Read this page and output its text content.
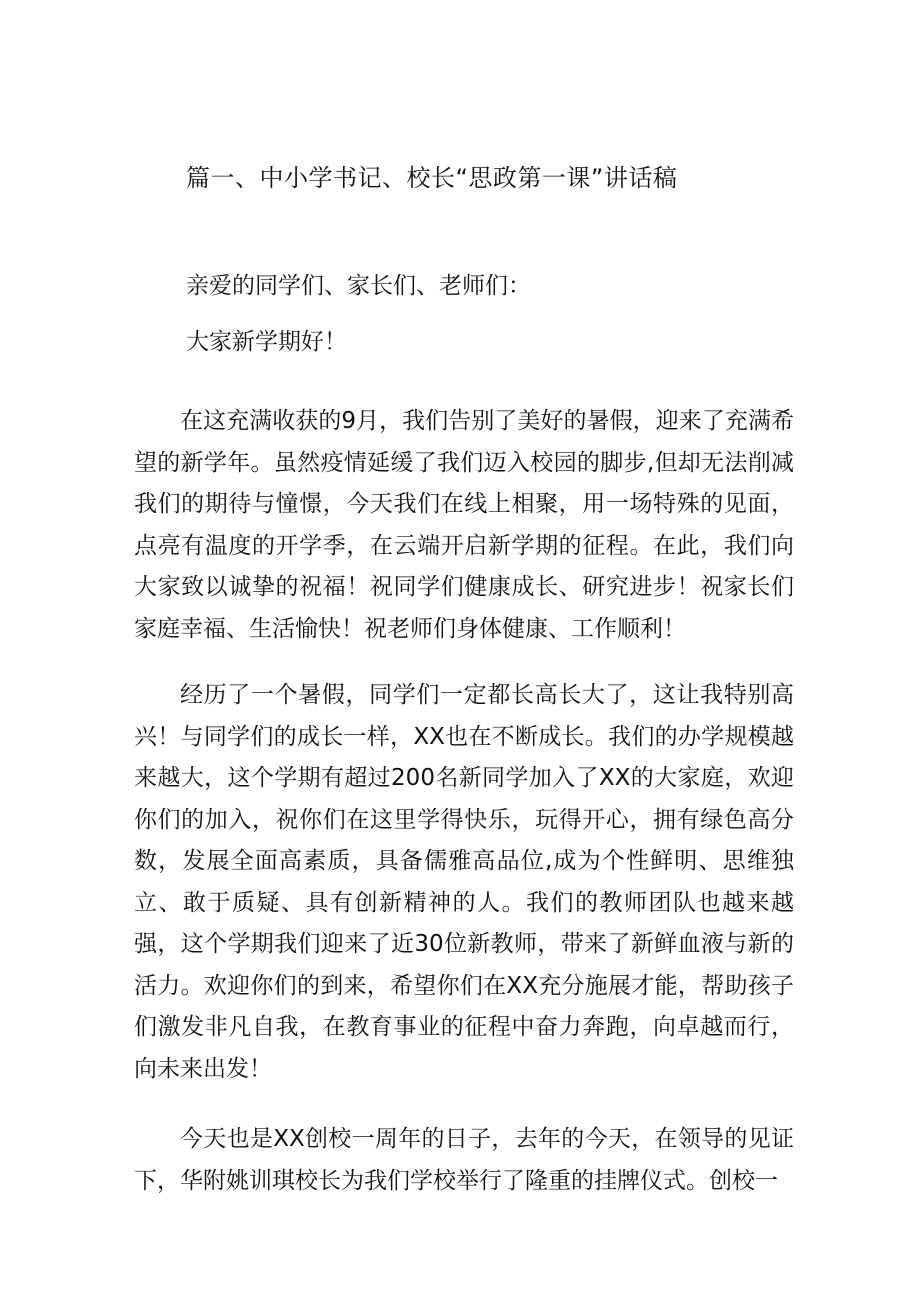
篇一、中小学书记、校长“思政第一课”讲话稿
亲爱的同学们、家长们、老师们：
大家新学期好！

在这充满收获的9月，我们告别了美好的暑假，迎来了充满希望的新学年。虽然疫情延缓了我们迈入校园的脚步,但却无法削减我们的期待与憧憬，今天我们在线上相聚，用一场特殊的见面，点亮有温度的开学季，在云端开启新学期的征程。在此，我们向大家致以诚挚的祝福！祝同学们健康成长、研究进步！祝家长们家庭幸福、生活愉快！祝老师们身体健康、工作顺利！

经历了一个暑假，同学们一定都长高长大了，这让我特别高兴！与同学们的成长一样，XX也在不断成长。我们的办学规模越来越大，这个学期有超过200名新同学加入了XX的大家庭，欢迎你们的加入，祝你们在这里学得快乐，玩得开心，拥有绿色高分数，发展全面高素质，具备儒雅高品位,成为个性鲜明、思维独立、敢于质疑、具有创新精神的人。我们的教师团队也越来越强，这个学期我们迎来了近30位新教师，带来了新鲜血液与新的活力。欢迎你们的到来，希望你们在XX充分施展才能，帮助孩子们激发非凡自我，在教育事业的征程中奋力奔跑，向卓越而行，向未来出发！

今天也是XX创校一周年的日子，去年的今天，在领导的见证下，华附姚训琪校长为我们学校举行了隆重的挂牌仪式。创校一
